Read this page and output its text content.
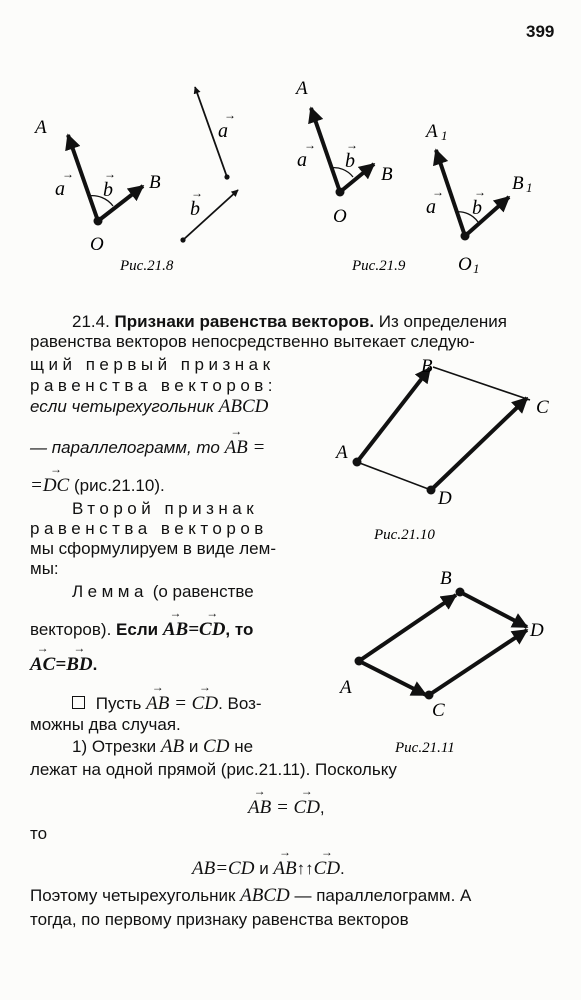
399
A
B
O
a
→
b
→
a
→
b
→
Рис.21.8
A
B
O
a
→
b
→
A 1
B 1
O 1
a
→
b
→
Рис.21.9
A
B
C
D
Рис.21.10
A
B
C
D
Рис.21.11

21.4. Признаки равенства векторов. Из определения

равенства векторов непосредственно вытекает следую-

щий первый признак

равенства векторов:

если четырехугольник ABCD

— параллелограмм, то → AB =

=→ DC (рис.21.10).

Второй признак

равенства векторов

мы сформулируем в виде лем-

мы:

Лемма (о равенстве

векторов). Если → AB=→ CD, то

→ AC=→ BD.

Пусть → AB = → CD. Воз-

можны два случая.

1) Отрезки AB и CD не

лежат на одной прямой (рис.21.11). Поскольку

→ AB = → CD,

то

AB=CD и → AB↑↑→ CD.

Поэтому четырехугольник ABCD — параллелограмм. А

тогда, по первому признаку равенства векторов
